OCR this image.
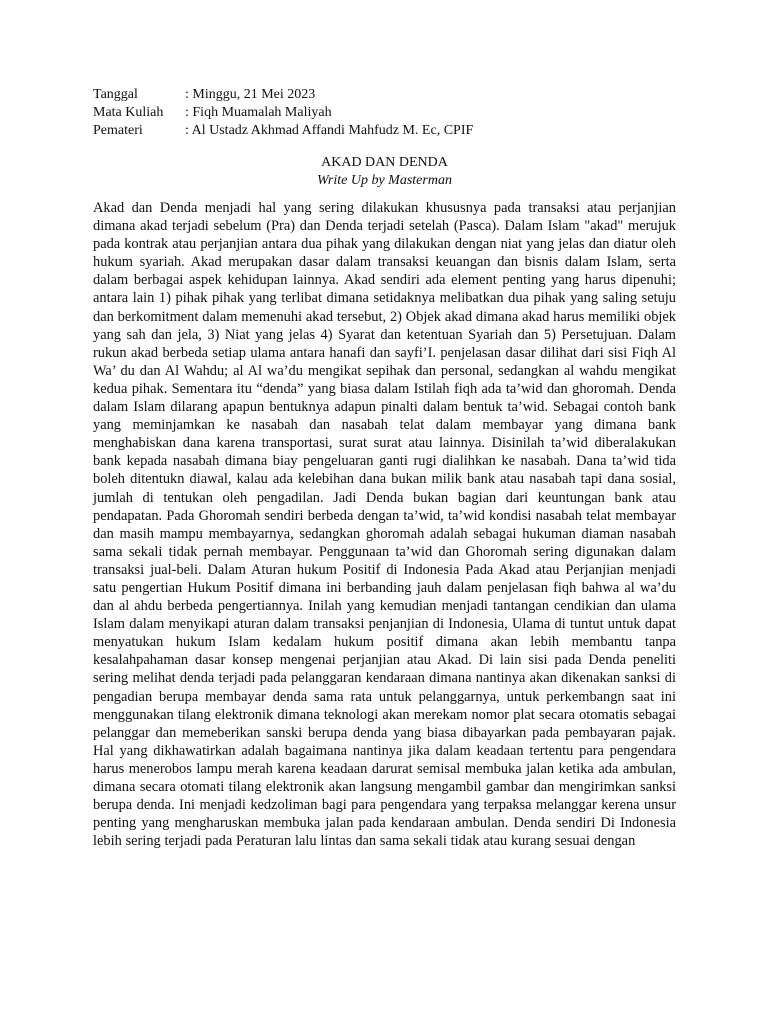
Tanggal	: Minggu, 21 Mei 2023
Mata Kuliah	: Fiqh Muamalah Maliyah
Pemateri	: Al Ustadz Akhmad Affandi Mahfudz M. Ec, CPIF
AKAD DAN DENDA
Write Up by Masterman

Akad dan Denda menjadi hal yang sering dilakukan khususnya pada transaksi atau perjanjian dimana akad terjadi sebelum (Pra) dan Denda terjadi setelah (Pasca). Dalam Islam "akad" merujuk pada kontrak atau perjanjian antara dua pihak yang dilakukan dengan niat yang jelas dan diatur oleh hukum syariah. Akad merupakan dasar dalam transaksi keuangan dan bisnis dalam Islam, serta dalam berbagai aspek kehidupan lainnya. Akad sendiri ada element penting yang harus dipenuhi; antara lain 1) pihak pihak yang terlibat dimana setidaknya melibatkan dua pihak yang saling setuju dan berkomitment dalam memenuhi akad tersebut, 2) Objek akad dimana akad harus memiliki objek yang sah dan jela, 3) Niat yang jelas 4) Syarat dan ketentuan Syariah dan 5) Persetujuan. Dalam rukun akad berbeda setiap ulama antara hanafi dan sayfi’I. penjelasan dasar dilihat dari sisi Fiqh Al Wa’ du dan Al Wahdu; al Al wa’du mengikat sepihak dan personal, sedangkan al wahdu mengikat kedua pihak. Sementara itu “denda” yang biasa dalam Istilah fiqh ada ta’wid dan ghoromah. Denda dalam Islam dilarang apapun bentuknya adapun pinalti dalam bentuk ta’wid. Sebagai contoh bank yang meminjamkan ke nasabah dan nasabah telat dalam membayar yang dimana bank menghabiskan dana karena transportasi, surat surat atau lainnya. Disinilah ta’wid diberalakukan bank kepada nasabah dimana biay pengeluaran ganti rugi dialihkan ke nasabah. Dana ta’wid tida boleh ditentukn diawal, kalau ada kelebihan dana bukan milik bank atau nasabah tapi dana sosial, jumlah di tentukan oleh pengadilan. Jadi Denda bukan bagian dari keuntungan bank atau pendapatan. Pada Ghoromah sendiri berbeda dengan ta’wid, ta’wid kondisi nasabah telat membayar dan masih mampu membayarnya, sedangkan ghoromah adalah sebagai hukuman diaman nasabah sama sekali tidak pernah membayar. Penggunaan ta’wid dan Ghoromah sering digunakan dalam transaksi jual-beli. Dalam Aturan hukum Positif di Indonesia Pada Akad atau Perjanjian menjadi satu pengertian Hukum Positif dimana ini berbanding jauh dalam penjelasan fiqh bahwa al wa’du dan al ahdu berbeda pengertiannya. Inilah yang kemudian menjadi tantangan cendikian dan ulama Islam dalam menyikapi aturan dalam transaksi penjanjian di Indonesia, Ulama di tuntut untuk dapat menyatukan hukum Islam kedalam hukum positif dimana akan lebih membantu tanpa kesalahpahaman dasar konsep mengenai perjanjian atau Akad. Di lain sisi pada Denda peneliti sering melihat denda terjadi pada pelanggaran kendaraan dimana nantinya akan dikenakan sanksi di pengadian berupa membayar denda sama rata untuk pelanggarnya, untuk perkembangn saat ini menggunakan tilang elektronik dimana teknologi akan merekam nomor plat secara otomatis sebagai pelanggar dan memeberikan sanski berupa denda yang biasa dibayarkan pada pembayaran pajak. Hal yang dikhawatirkan adalah bagaimana nantinya jika dalam keadaan tertentu para pengendara harus menerobos lampu merah karena keadaan darurat semisal membuka jalan ketika ada ambulan, dimana secara otomati tilang elektronik akan langsung mengambil gambar dan mengirimkan sanksi berupa denda. Ini menjadi kedzoliman bagi para pengendara yang terpaksa melanggar kerena unsur penting yang mengharuskan membuka jalan pada kendaraan ambulan. Denda sendiri Di Indonesia lebih sering terjadi pada Peraturan lalu lintas dan sama sekali tidak atau kurang sesuai dengan
